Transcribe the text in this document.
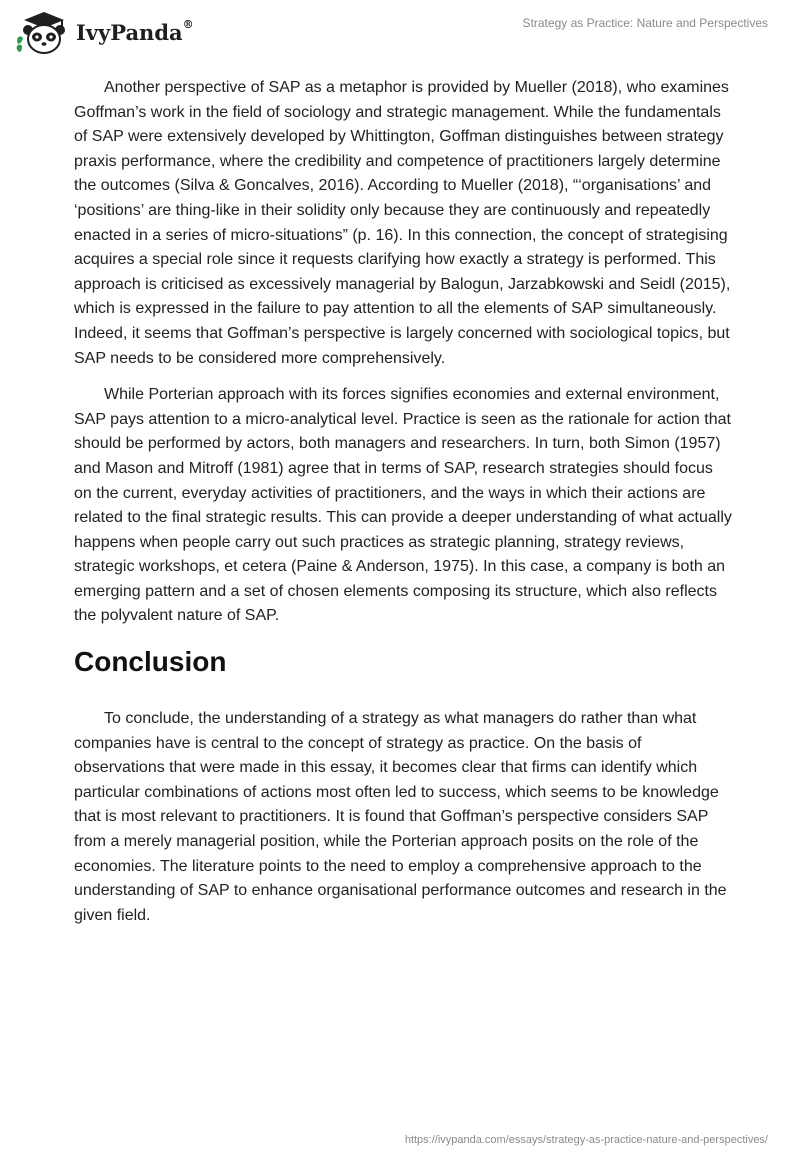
IvyPanda®	Strategy as Practice: Nature and Perspectives

Another perspective of SAP as a metaphor is provided by Mueller (2018), who examines Goffman’s work in the field of sociology and strategic management. While the fundamentals of SAP were extensively developed by Whittington, Goffman distinguishes between strategy praxis performance, where the credibility and competence of practitioners largely determine the outcomes (Silva & Goncalves, 2016). According to Mueller (2018), “‘organisations’ and ‘positions’ are thing-like in their solidity only because they are continuously and repeatedly enacted in a series of micro-situations” (p. 16). In this connection, the concept of strategising acquires a special role since it requests clarifying how exactly a strategy is performed. This approach is criticised as excessively managerial by Balogun, Jarzabkowski and Seidl (2015), which is expressed in the failure to pay attention to all the elements of SAP simultaneously. Indeed, it seems that Goffman’s perspective is largely concerned with sociological topics, but SAP needs to be considered more comprehensively.

While Porterian approach with its forces signifies economies and external environment, SAP pays attention to a micro-analytical level. Practice is seen as the rationale for action that should be performed by actors, both managers and researchers. In turn, both Simon (1957) and Mason and Mitroff (1981) agree that in terms of SAP, research strategies should focus on the current, everyday activities of practitioners, and the ways in which their actions are related to the final strategic results. This can provide a deeper understanding of what actually happens when people carry out such practices as strategic planning, strategy reviews, strategic workshops, et cetera (Paine & Anderson, 1975). In this case, a company is both an emerging pattern and a set of chosen elements composing its structure, which also reflects the polyvalent nature of SAP.

Conclusion

To conclude, the understanding of a strategy as what managers do rather than what companies have is central to the concept of strategy as practice. On the basis of observations that were made in this essay, it becomes clear that firms can identify which particular combinations of actions most often led to success, which seems to be knowledge that is most relevant to practitioners. It is found that Goffman’s perspective considers SAP from a merely managerial position, while the Porterian approach posits on the role of the economies. The literature points to the need to employ a comprehensive approach to the understanding of SAP to enhance organisational performance outcomes and research in the given field.

https://ivypanda.com/essays/strategy-as-practice-nature-and-perspectives/
